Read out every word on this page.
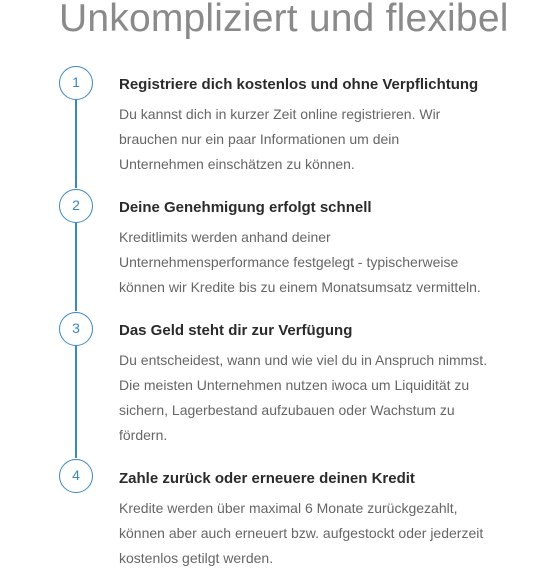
Unkompliziert und flexibel
1	Registriere dich kostenlos und ohne Verpflichtung

Du kannst dich in kurzer Zeit online registrieren. Wir
brauchen nur ein paar Informationen um dein
Unternehmen einschätzen zu können.

2	Deine Genehmigung erfolgt schnell

Kreditlimits werden anhand deiner
Unternehmensperformance festgelegt - typischerweise
können wir Kredite bis zu einem Monatsumsatz vermitteln.

3	Das Geld steht dir zur Verfügung

Du entscheidest, wann und wie viel du in Anspruch nimmst.
Die meisten Unternehmen nutzen iwoca um Liquidität zu
sichern, Lagerbestand aufzubauen oder Wachstum zu
fördern.

4	Zahle zurück oder erneuere deinen Kredit

Kredite werden über maximal 6 Monate zurückgezahlt,
können aber auch erneuert bzw. aufgestockt oder jederzeit
kostenlos getilgt werden.
